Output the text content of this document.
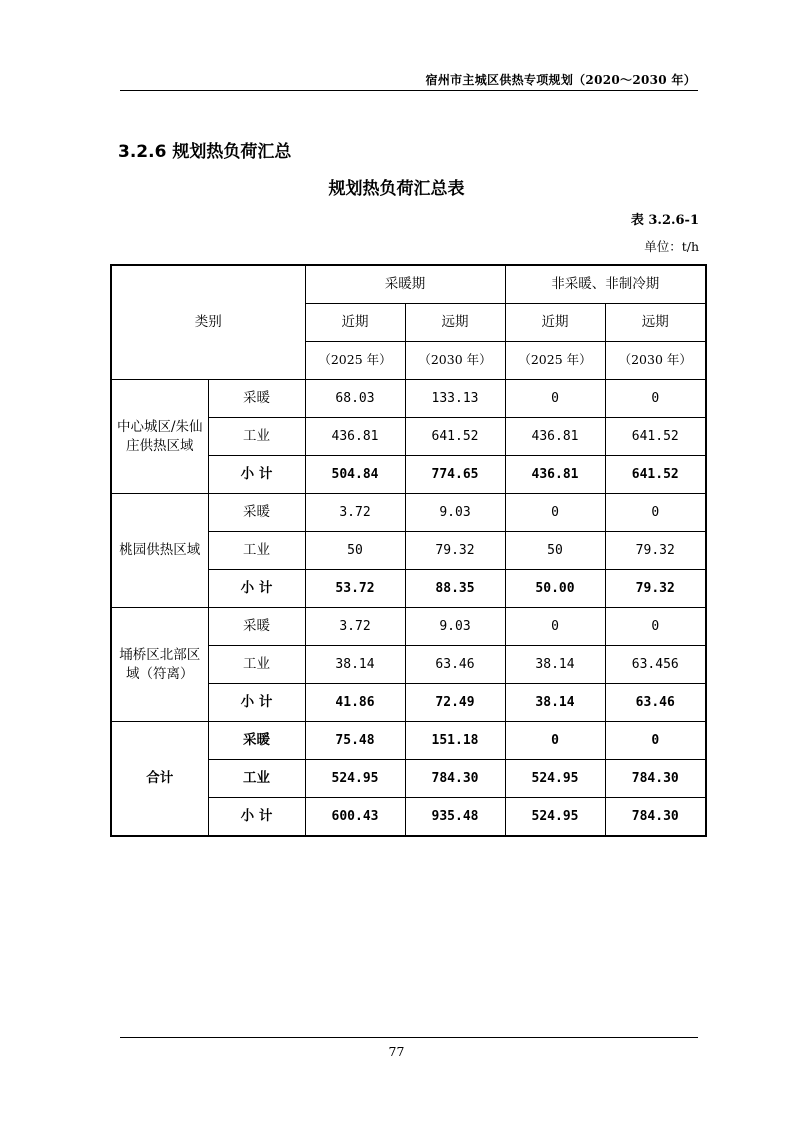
宿州市主城区供热专项规划（2020～2030 年）
3.2.6 规划热负荷汇总
规划热负荷汇总表
表 3.2.6-1
单位：t/h
类别		采暖期		非采暖、非制冷期	
		近期	远期	近期	远期
		（2025 年）	（2030 年）	（2025 年）	（2030 年）
中心城区/朱仙庄供热区域	采暖	68.03	133.13	0	0
	工业	436.81	641.52	436.81	641.52
	小 计	504.84	774.65	436.81	641.52
桃园供热区域	采暖	3.72	9.03	0	0
	工业	50	79.32	50	79.32
	小 计	53.72	88.35	50.00	79.32
埇桥区北部区域（符离）	采暖	3.72	9.03	0	0
	工业	38.14	63.46	38.14	63.456
	小 计	41.86	72.49	38.14	63.46
合计	采暖	75.48	151.18	0	0
	工业	524.95	784.30	524.95	784.30
	小 计	600.43	935.48	524.95	784.30
77
